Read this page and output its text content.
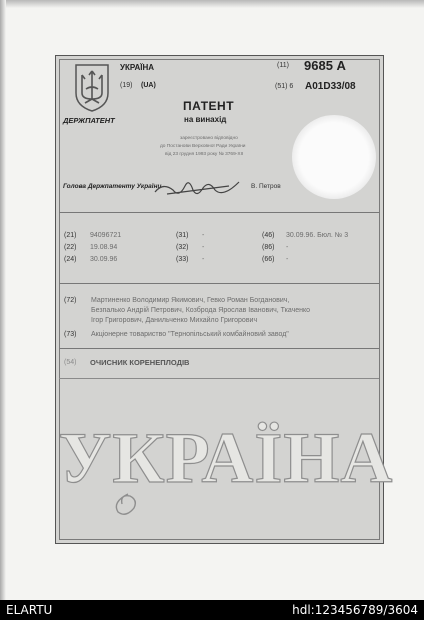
ДЕРЖПАТЕНТ
УКРАЇНА
(19) (UA)
(11) 9685 А
(51) 6 А01D33/08
ПАТЕНТ
на винахід
зареєстровано відповідно
до Постанови Верховної Ради України
від 23 грудня 1993 року № 3769-XII
Голова Держпатенту України	В. Петров
(21) 94096721
(22) 19.08.94
(24) 30.09.96
(31) -
(32) -
(33) -
(46) 30.09.96. Бюл. № 3
(86) -
(66) -
(72) Мартиненко Володимир Якимович, Гевко Роман Богданович,
Безпалько Андрій Петрович, Козброда Ярослав Іванович, Ткаченко
Ігор Григорович, Данильченко Михайло Григорович
(73) Акціонерне товариство "Тернопільський комбайновий завод"
(54) ОЧИСНИК КОРЕНЕПЛОДІВ
УКРАЇНА
ELARTU	hdl:123456789/3604
